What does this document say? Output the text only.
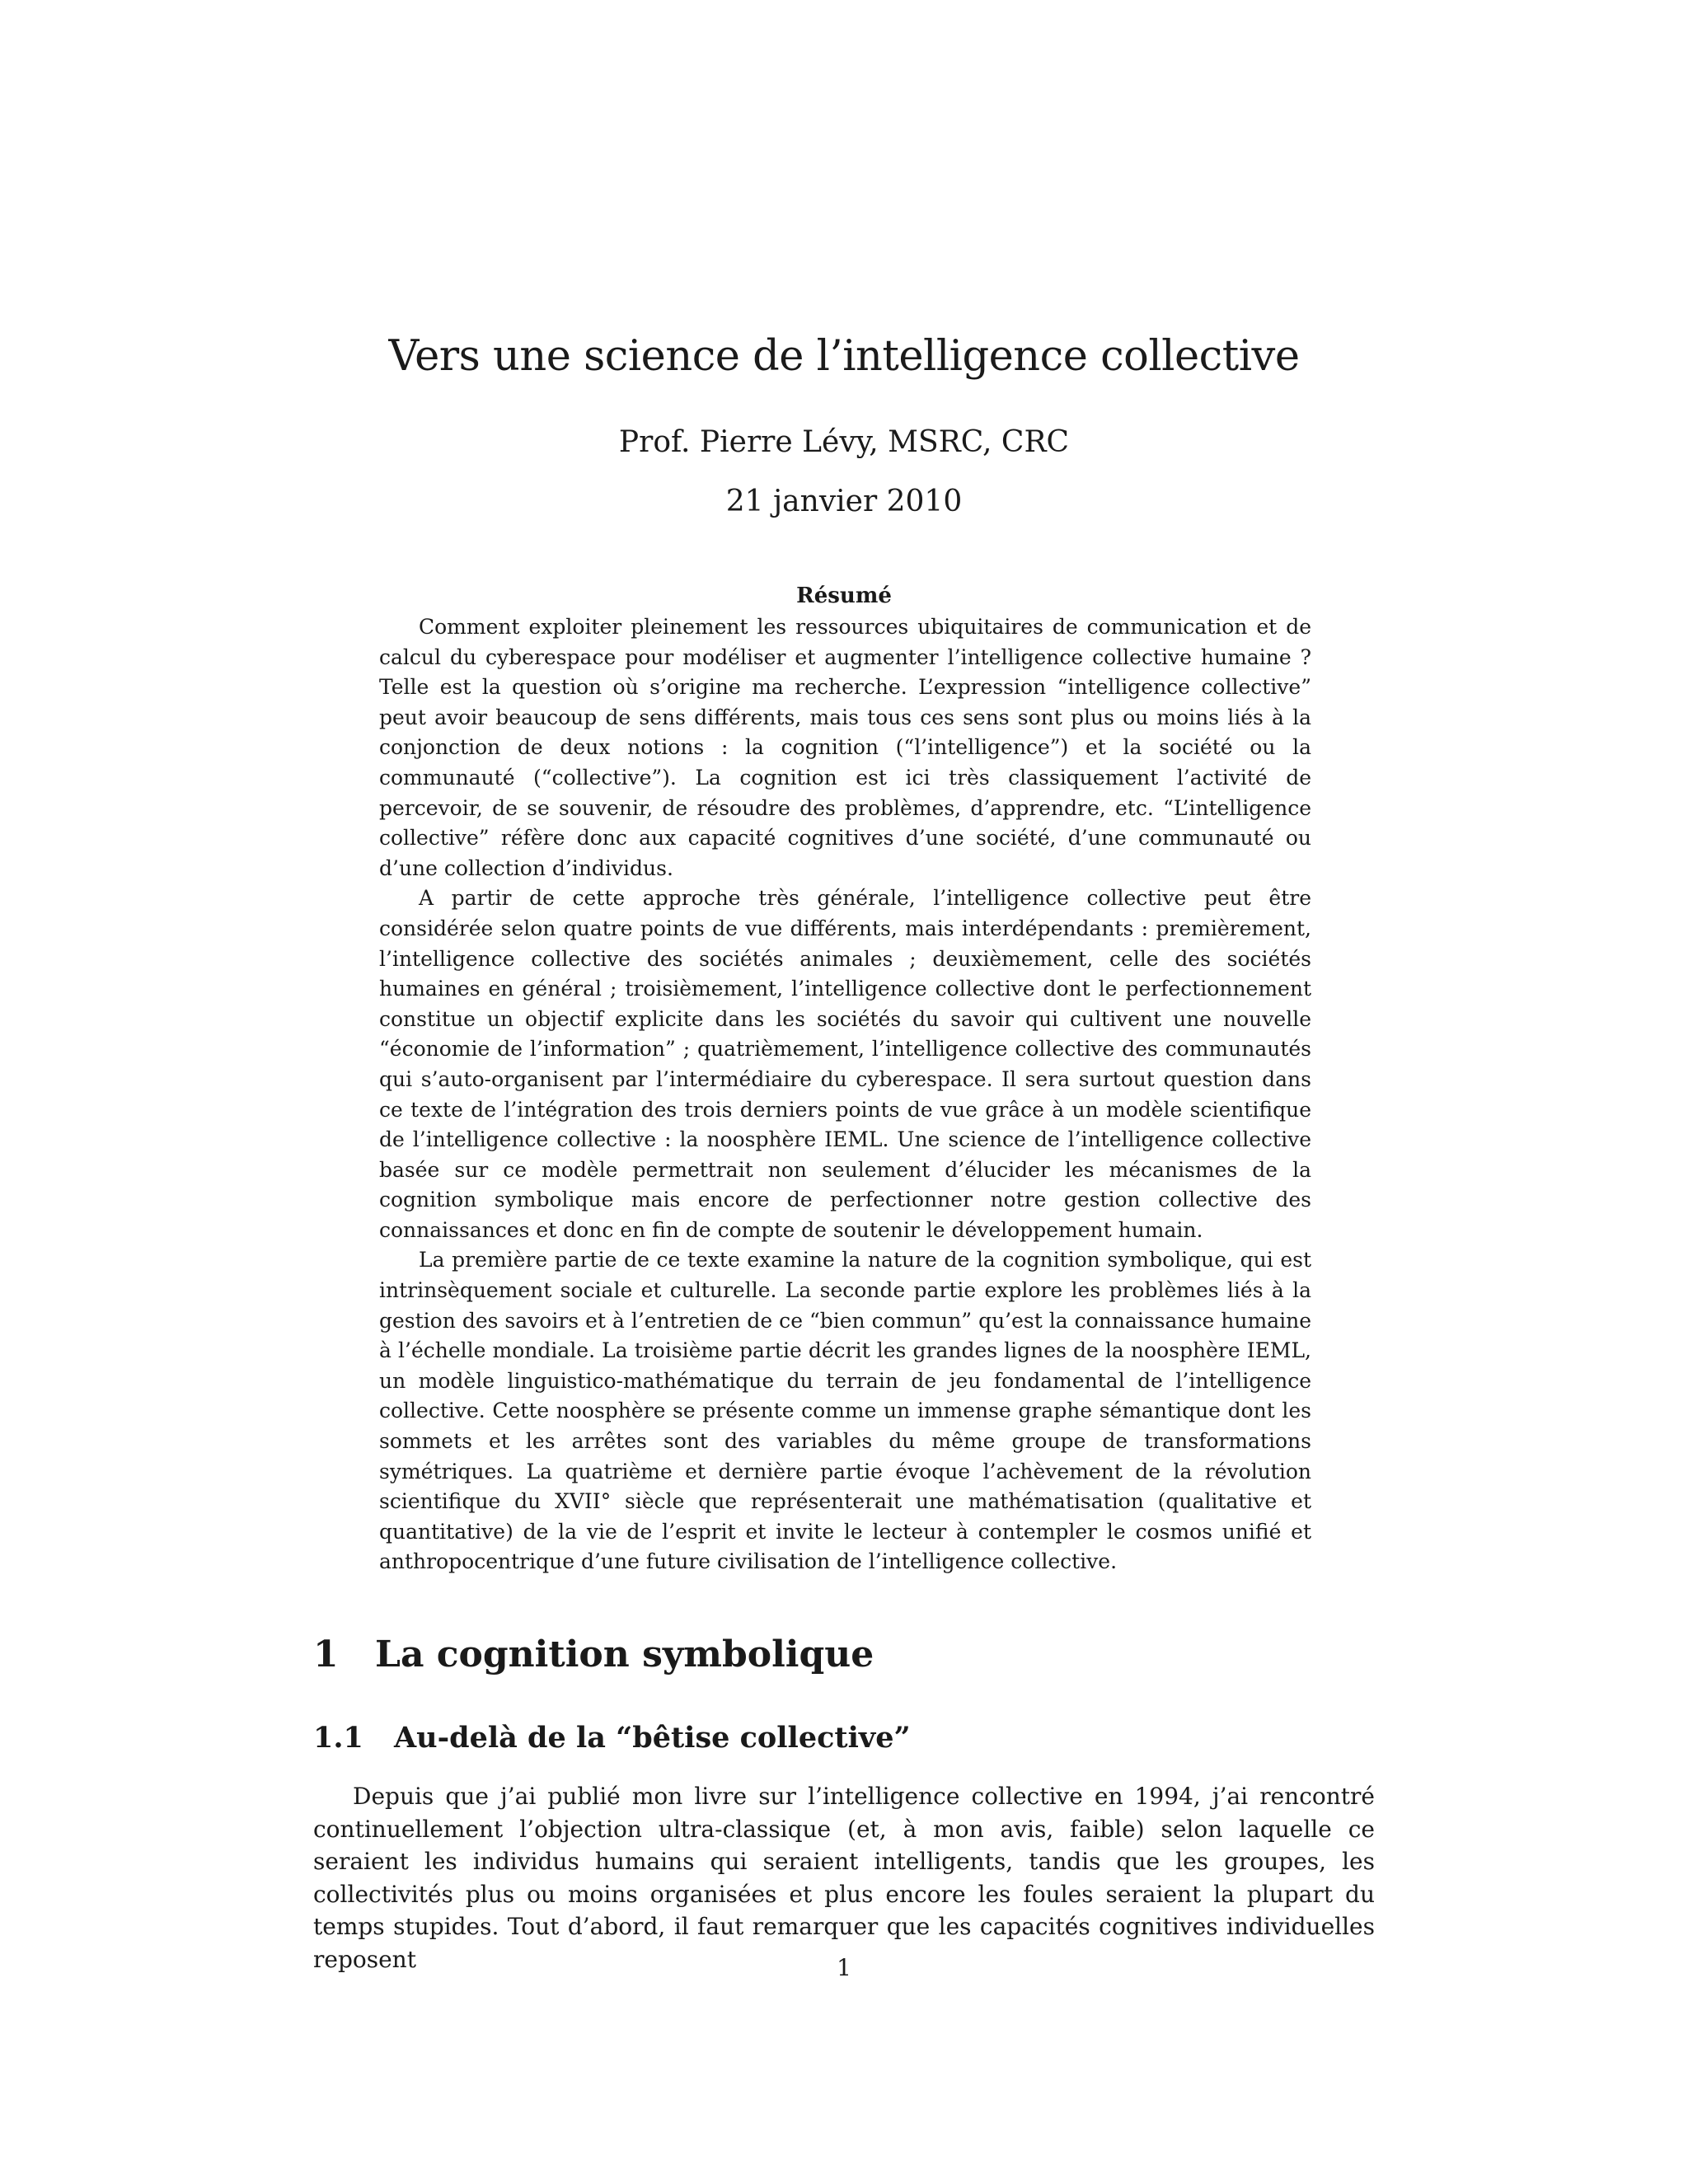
Vers une science de l’intelligence collective
Prof. Pierre Lévy, MSRC, CRC
21 janvier 2010
Résumé

Comment exploiter pleinement les ressources ubiquitaires de communication et de calcul du cyberespace pour modéliser et augmenter l’intelligence collective humaine ? Telle est la question où s’origine ma recherche. L’expression “intelligence collective” peut avoir beaucoup de sens différents, mais tous ces sens sont plus ou moins liés à la conjonction de deux notions : la cognition (“l’intelligence”) et la société ou la communauté (“collective”). La cognition est ici très classiquement l’activité de percevoir, de se souvenir, de résoudre des problèmes, d’apprendre, etc. “L’intelligence collective” réfère donc aux capacité cognitives d’une société, d’une communauté ou d’une collection d’individus.

A partir de cette approche très générale, l’intelligence collective peut être considérée selon quatre points de vue différents, mais interdépendants : premièrement, l’intelligence collective des sociétés animales ; deuxièmement, celle des sociétés humaines en général ; troisièmement, l’intelligence collective dont le perfectionnement constitue un objectif explicite dans les sociétés du savoir qui cultivent une nouvelle “économie de l’information” ; quatrièmement, l’intelligence collective des communautés qui s’auto-organisent par l’intermédiaire du cyberespace. Il sera surtout question dans ce texte de l’intégration des trois derniers points de vue grâce à un modèle scientifique de l’intelligence collective : la noosphère IEML. Une science de l’intelligence collective basée sur ce modèle permettrait non seulement d’élucider les mécanismes de la cognition symbolique mais encore de perfectionner notre gestion collective des connaissances et donc en fin de compte de soutenir le développement humain.

La première partie de ce texte examine la nature de la cognition symbolique, qui est intrinsèquement sociale et culturelle. La seconde partie explore les problèmes liés à la gestion des savoirs et à l’entretien de ce “bien commun” qu’est la connaissance humaine à l’échelle mondiale. La troisième partie décrit les grandes lignes de la noosphère IEML, un modèle linguistico-mathématique du terrain de jeu fondamental de l’intelligence collective. Cette noosphère se présente comme un immense graphe sémantique dont les sommets et les arrêtes sont des variables du même groupe de transformations symétriques. La quatrième et dernière partie évoque l’achèvement de la révolution scientifique du XVII° siècle que représenterait une mathématisation (qualitative et quantitative) de la vie de l’esprit et invite le lecteur à contempler le cosmos unifié et anthropocentrique d’une future civilisation de l’intelligence collective.

1 La cognition symbolique
1.1 Au-delà de la “bêtise collective”

Depuis que j’ai publié mon livre sur l’intelligence collective en 1994, j’ai rencontré continuellement l’objection ultra-classique (et, à mon avis, faible) selon laquelle ce seraient les individus humains qui seraient intelligents, tandis que les groupes, les collectivités plus ou moins organisées et plus encore les foules seraient la plupart du temps stupides. Tout d’abord, il faut remarquer que les capacités cognitives individuelles reposent	1
